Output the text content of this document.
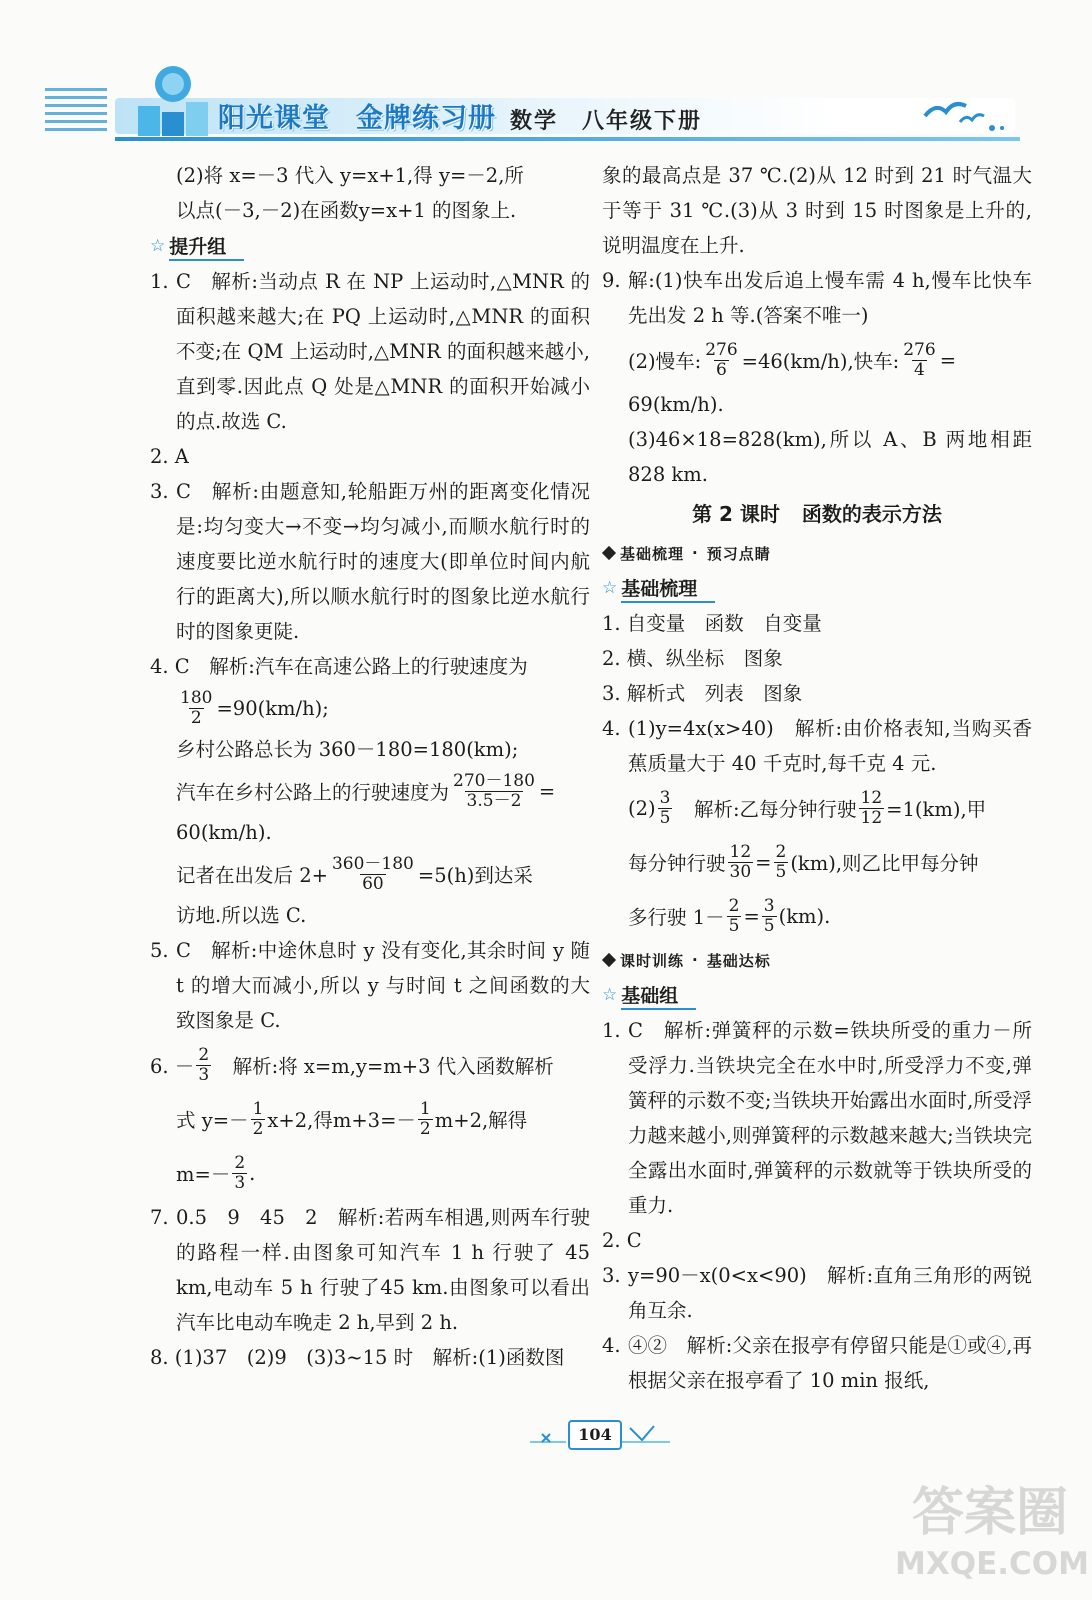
阳光课堂 金牌练习册 数学 八年级下册
(2)将 x=－3 代入 y=x+1,得 y=－2,所
以点(－3,－2)在函数y=x+1 的图象上.
☆ 提升组
1. C　解析:当动点 R 在 NP 上运动时,△MNR 的面积越来越大;在 PQ 上运动时,△MNR 的面积不变;在 QM 上运动时,△MNR 的面积越来越小,直到零.因此点 Q 处是△MNR 的面积开始减小的点.故选 C.
2. A
3. C　解析:由题意知,轮船距万州的距离变化情况是:均匀变大→不变→均匀减小,而顺水航行时的速度要比逆水航行时的速度大(即单位时间内航行的距离大),所以顺水航行时的图象比逆水航行时的图象更陡.
4. C　解析:汽车在高速公路上的行驶速度为
$\frac{180}{2} =90(km/h)$;
乡村公路总长为 360－180=180(km);
汽车在乡村公路上的行驶速度为 $\frac{270-180}{3.5-2}$ =
60(km/h).
记者在出发后 $2+ \frac{360-180}{60} =5(h)$到达采
访地.所以选 C.
5. C　解析:中途休息时 y 没有变化,其余时间 y 随 t 的增大而减小,所以 y 与时间 t 之间函数的大致图象是 C.
6. － $\frac{2}{3}$ 　解析:将 x=m,y=m+3 代入函数解析
式 $y=- \frac{1}{2} x+2$,得$m+3=- \frac{1}{2} m+2$,解得
$m=- \frac{2}{3}$ .
7. 0.5　9　45　2　解析:若两车相遇,则两车行驶的路程一样.由图象可知汽车 1 h 行驶了 45 km,电动车 5 h 行驶了45 km.由图象可以看出汽车比电动车晚走 2 h,早到 2 h.
8. (1)37　(2)9　(3)3~15 时　解析:(1)函数图
象的最高点是 37 ℃.(2)从 12 时到 21 时气温大于等于 31 ℃.(3)从 3 时到 15 时图象是上升的,说明温度在上升.
9. 解:(1)快车出发后追上慢车需 4 h,慢车比快车先出发 2 h 等.(答案不唯一)
(2)慢车: $\frac{276}{6} =46(km/h)$,快车: $\frac{276}{4}$ =
69(km/h).
(3)46×18=828(km),所以 A、B 两地相距 828 km.
第 2 课时 函数的表示方法
基础梳理 · 预习点睛
☆ 基础梳理
1. 自变量　函数　自变量
2. 横、纵坐标　图象
3. 解析式　列表　图象
4. (1)y=4x(x>40)　解析:由价格表知,当购买香蕉质量大于 40 千克时,每千克 4 元.
$(2) \frac{3}{5}$ 　解析:乙每分钟行驶 $\frac{12}{12} =1(km)$,甲
每分钟行驶 $\frac{12}{30} = \frac{2}{5} (km)$,则乙比甲每分钟
多行驶 $1- \frac{2}{5} = \frac{3}{5} (km)$.
课时训练 · 基础达标
☆ 基础组
1. C　解析:弹簧秤的示数=铁块所受的重力－所受浮力.当铁块完全在水中时,所受浮力不变,弹簧秤的示数不变;当铁块开始露出水面时,所受浮力越来越小,则弹簧秤的示数越来越大;当铁块完全露出水面时,弹簧秤的示数就等于铁块所受的重力.
2. C
3. y=90－x(0<x<90)　解析:直角三角形的两锐角互余.
4. ④②　解析:父亲在报亭有停留只能是①或④,再根据父亲在报亭看了 10 min 报纸,
104
答案圈
MXQE.COM
